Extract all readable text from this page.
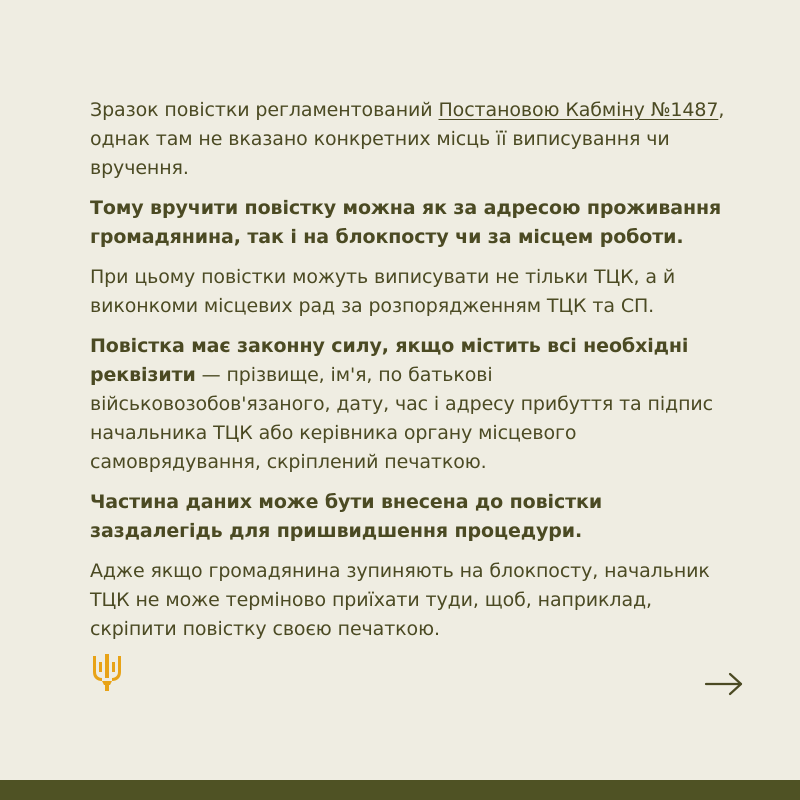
Зразок повістки регламентований Постановою Кабміну №1487, однак там не вказано конкретних місць її виписування чи вручення.

Тому вручити повістку можна як за адресою проживання громадянина, так і на блокпосту чи за місцем роботи.

При цьому повістки можуть виписувати не тільки ТЦК, а й виконкоми місцевих рад за розпорядженням ТЦК та СП.

Повістка має законну силу, якщо містить всі необхідні реквізити — прізвище, ім'я, по батькові військовозобов'язаного, дату, час і адресу прибуття та підпис начальника ТЦК або керівника органу місцевого самоврядування, скріплений печаткою.

Частина даних може бути внесена до повістки заздалегідь для пришвидшення процедури.

Адже якщо громадянина зупиняють на блокпосту, начальник ТЦК не може терміново приїхати туди, щоб, наприклад, скріпити повістку своєю печаткою.
